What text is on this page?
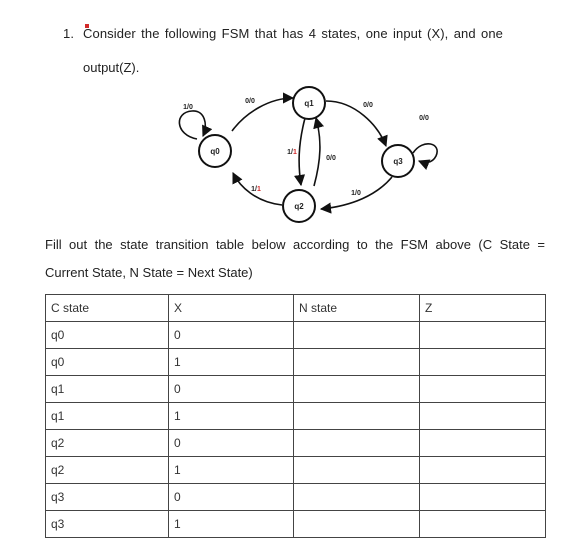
1. Consider the following FSM that has 4 states, one input (X), and one
output(Z).
q0
q1
q2
q3
1/0
0/0
0/0
0/0
1/1
0/0
1/1
1/0
Fill out the state transition table below according to the FSM above (C State =
Current State, N State = Next State)
C state	X	N state	Z
q0	0		
q0	1		
q1	0		
q1	1		
q2	0		
q2	1		
q3	0		
q3	1		
